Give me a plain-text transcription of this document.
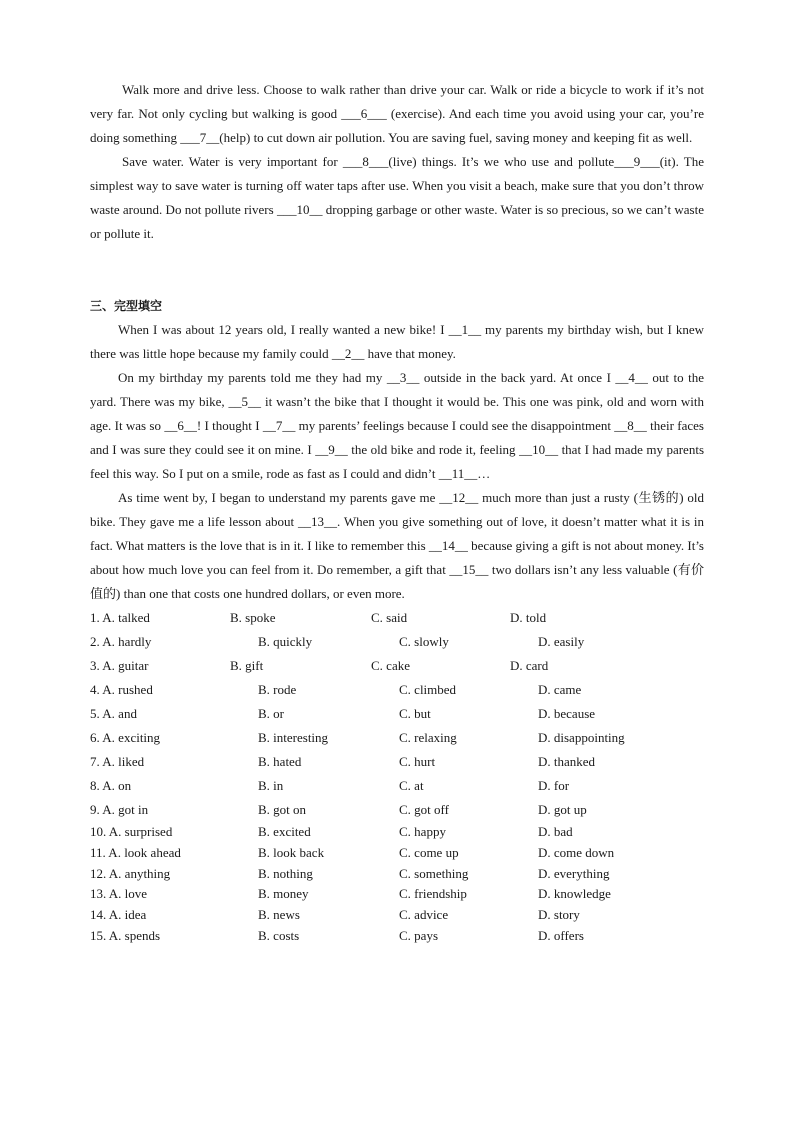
Walk more and drive less. Choose to walk rather than drive your car. Walk or ride a bicycle to work if it’s not very far. Not only cycling but walking is good ___6___ (exercise). And each time you avoid using your car, you’re doing something ___7__(help) to cut down air pollution. You are saving fuel, saving money and keeping fit as well.

Save water. Water is very important for ___8___(live) things. It’s we who use and pollute___9___(it). The simplest way to save water is turning off water taps after use. When you visit a beach, make sure that you don’t throw waste around. Do not pollute rivers ___10__ dropping garbage or other waste. Water is so precious, so we can’t waste or pollute it.

三、完型填空

When I was about 12 years old, I really wanted a new bike! I __1__ my parents my birthday wish, but I knew there was little hope because my family could __2__ have that money.

On my birthday my parents told me they had my __3__ outside in the back yard. At once I __4__ out to the yard. There was my bike, __5__ it wasn’t the bike that I thought it would be. This one was pink, old and worn with age. It was so __6__! I thought I __7__ my parents’ feelings because I could see the disappointment __8__ their faces and I was sure they could see it on mine. I __9__ the old bike and rode it, feeling __10__ that I had made my parents feel this way. So I put on a smile, rode as fast as I could and didn’t __11__…

As time went by, I began to understand my parents gave me __12__ much more than just a rusty (生锈的) old bike. They gave me a life lesson about __13__. When you give something out of love, it doesn’t matter what it is in fact. What matters is the love that is in it. I like to remember this __14__ because giving a gift is not about money. It’s about how much love you can feel from it. Do remember, a gift that __15__ two dollars isn’t any less valuable (有价值的) than one that costs one hundred dollars, or even more.

1. A. talked	B. spoke	C. said	D. told
2. A. hardly	B. quickly	C. slowly	D. easily
3. A. guitar	B. gift	C. cake	D. card
4. A. rushed	B. rode	C. climbed	D. came
5. A. and	B. or	C. but	D. because
6. A. exciting	B. interesting	C. relaxing	D. disappointing
7. A. liked	B. hated	C. hurt	D. thanked
8. A. on	B. in	C. at	D. for
9. A. got in	B. got on	C. got off	D. got up
10. A. surprised	B. excited	C. happy	D. bad
11. A. look ahead	B. look back	C. come up	D. come down
12. A. anything	B. nothing	C. something	D. everything
13. A. love	B. money	C. friendship	D. knowledge
14. A. idea	B. news	C. advice	D. story
15. A. spends	B. costs	C. pays	D. offers
